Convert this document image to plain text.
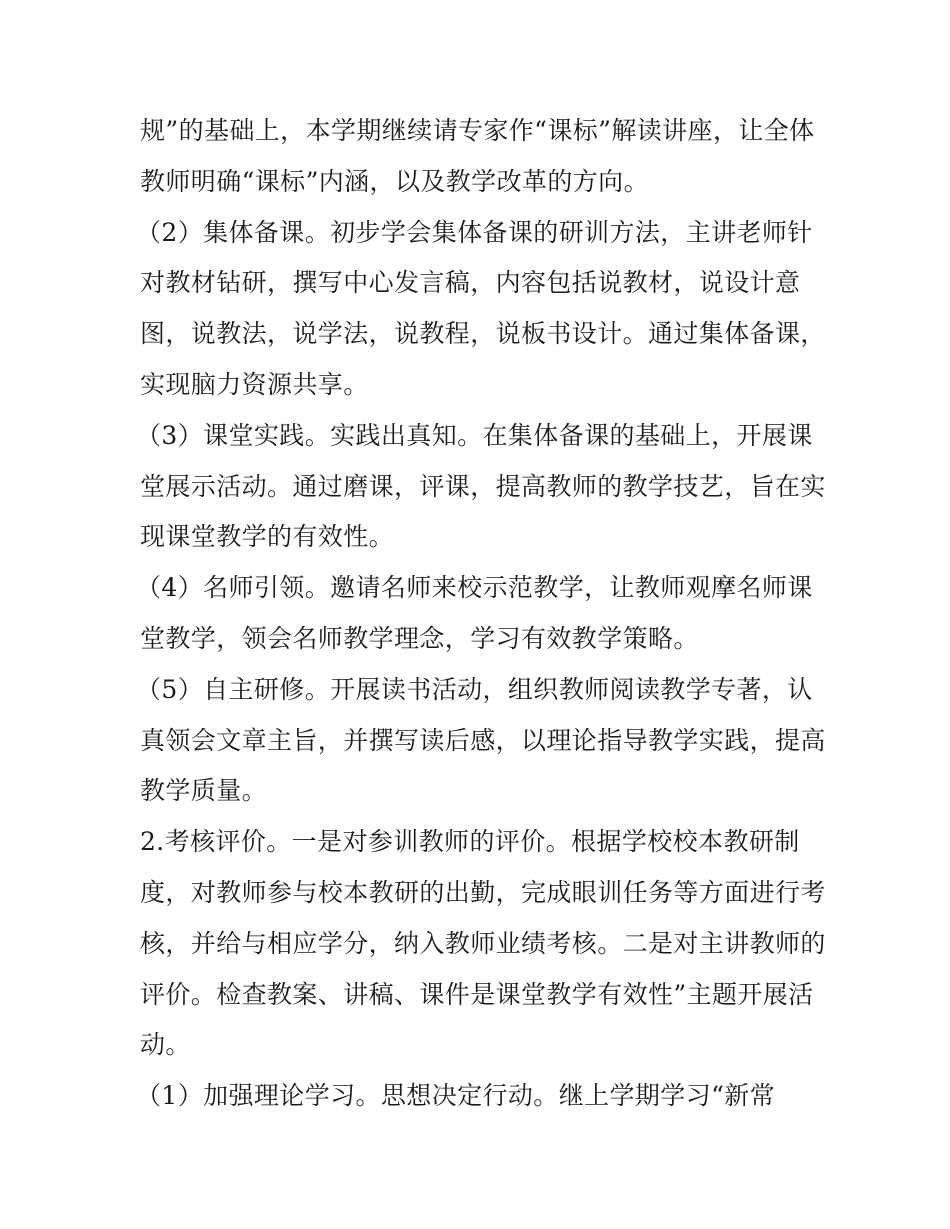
规”的基础上，本学期继续请专家作“课标”解读讲座，让全体
教师明确“课标”内涵，以及教学改革的方向。
（2）集体备课。初步学会集体备课的研训方法，主讲老师针
对教材钻研，撰写中心发言稿，内容包括说教材，说设计意
图，说教法，说学法，说教程，说板书设计。通过集体备课，
实现脑力资源共享。
（3）课堂实践。实践出真知。在集体备课的基础上，开展课
堂展示活动。通过磨课，评课，提高教师的教学技艺，旨在实
现课堂教学的有效性。
（4）名师引领。邀请名师来校示范教学，让教师观摩名师课
堂教学，领会名师教学理念，学习有效教学策略。
（5）自主研修。开展读书活动，组织教师阅读教学专著，认
真领会文章主旨，并撰写读后感，以理论指导教学实践，提高
教学质量。
2.考核评价。一是对参训教师的评价。根据学校校本教研制
度，对教师参与校本教研的出勤，完成眼训任务等方面进行考
核，并给与相应学分，纳入教师业绩考核。二是对主讲教师的
评价。检查教案、讲稿、课件是课堂教学有效性”主题开展活
动。
（1）加强理论学习。思想决定行动。继上学期学习“新常
